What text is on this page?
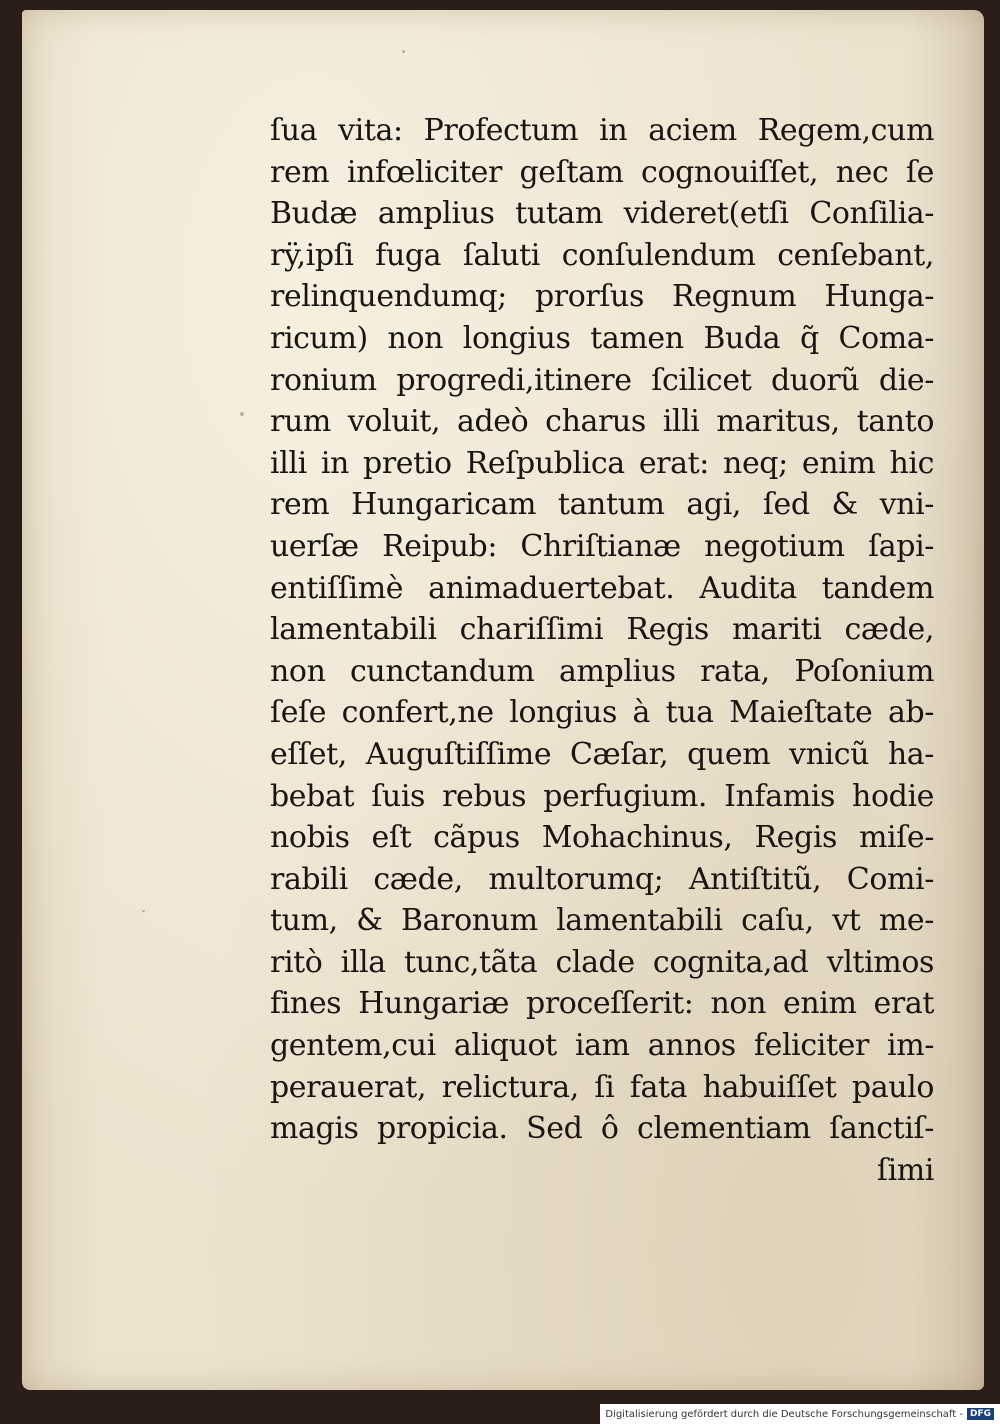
ſua vita: Profectum in aciem Regem,cum
rem infœliciter geſtam cognouiſſet, nec ſe
Budæ amplius tutam videret(etſi Conſilia-
rÿ,ipſi fuga ſaluti conſulendum cenſebant,
relinquendumq; prorſus Regnum Hunga-
ricum) non longius tamen Buda q̃ Coma-
ronium progredi,itinere ſcilicet duorũ die-
rum voluit, adeò charus illi maritus, tanto
illi in pretio Reſpublica erat: neq; enim hic
rem Hungaricam tantum agi, ſed & vni-
uerſæ Reipub: Chriſtianæ negotium ſapi-
entiſſimè animaduertebat. Audita tandem
lamentabili chariſſimi Regis mariti cæde,
non cunctandum amplius rata, Poſonium
ſeſe confert,ne longius à tua Maieſtate ab-
eſſet, Auguſtiſſime Cæſar, quem vnicũ ha-
bebat ſuis rebus perfugium. Infamis hodie
nobis eſt cãpus Mohachinus, Regis miſe-
rabili cæde, multorumq; Antiſtitũ, Comi-
tum, & Baronum lamentabili caſu, vt me-
ritò illa tunc,tãta clade cognita,ad vltimos
fines Hungariæ proceſſerit: non enim erat
gentem,cui aliquot iam annos feliciter im-
perauerat, relictura, ſi fata habuiſſet paulo
magis propicia. Sed ô clementiam ſanctiſ-
ſimi
Digitalisierung gefördert durch die Deutsche Forschungsgemeinschaft - DFG
